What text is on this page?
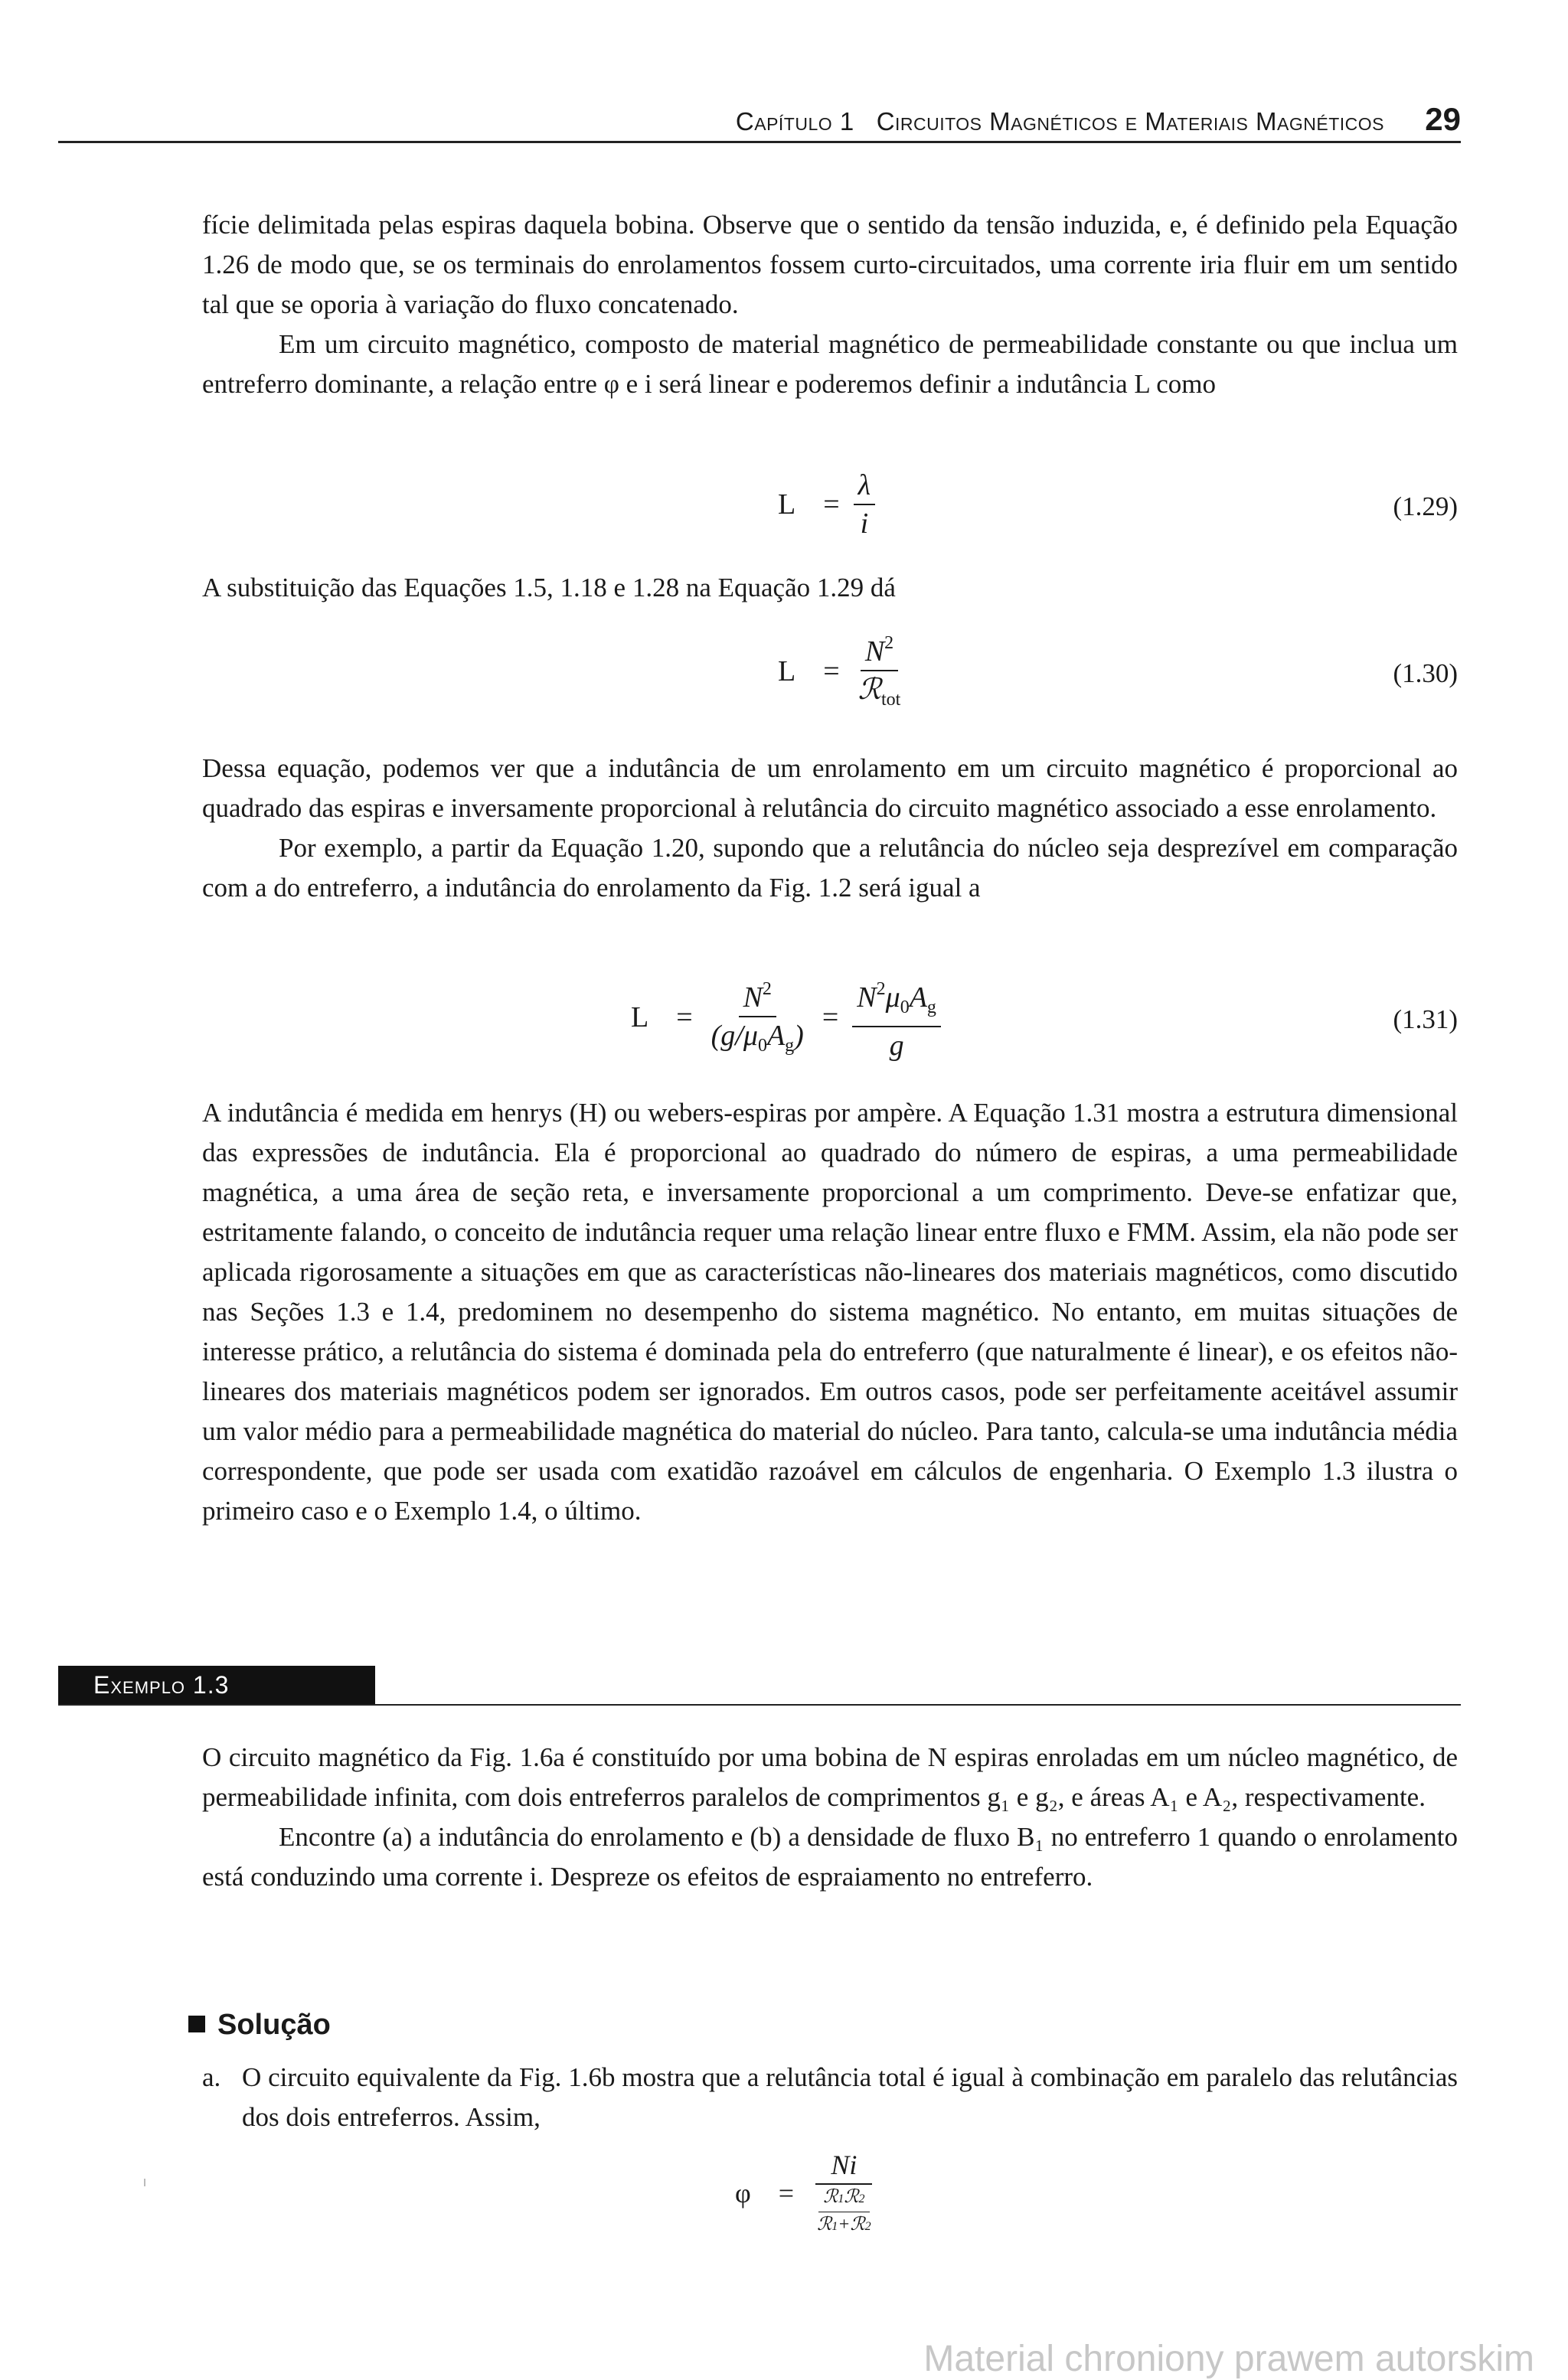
Capítulo 1 Circuitos Magnéticos e Materiais Magnéticos 29

fície delimitada pelas espiras daquela bobina. Observe que o sentido da tensão induzida, e, é definido pela Equação 1.26 de modo que, se os terminais do enrolamentos fossem curto-circuitados, uma corrente iria fluir em um sentido tal que se oporia à variação do fluxo concatenado.

Em um circuito magnético, composto de material magnético de permeabilidade constante ou que inclua um entreferro dominante, a relação entre φ e i será linear e poderemos definir a indutância L como

$L = \frac{\lambda}{i}$	(1.29)

A substituição das Equações 1.5, 1.18 e 1.28 na Equação 1.29 dá

$L = \frac{N^2}{ℛ_{tot}}$	(1.30)

Dessa equação, podemos ver que a indutância de um enrolamento em um circuito magnético é proporcional ao quadrado das espiras e inversamente proporcional à relutância do circuito magnético associado a esse enrolamento.

Por exemplo, a partir da Equação 1.20, supondo que a relutância do núcleo seja desprezível em comparação com a do entreferro, a indutância do enrolamento da Fig. 1.2 será igual a

$L = \frac{N^2}{(g/\mu_0A_g)} = \frac{N^2\mu_0A_g}{g}$	(1.31)

A indutância é medida em henrys (H) ou webers-espiras por ampère. A Equação 1.31 mostra a estrutura dimensional das expressões de indutância. Ela é proporcional ao quadrado do número de espiras, a uma permeabilidade magnética, a uma área de seção reta, e inversamente proporcional a um comprimento. Deve-se enfatizar que, estritamente falando, o conceito de indutância requer uma relação linear entre fluxo e FMM. Assim, ela não pode ser aplicada rigorosamente a situações em que as características não-lineares dos materiais magnéticos, como discutido nas Seções 1.3 e 1.4, predominem no desempenho do sistema magnético. No entanto, em muitas situações de interesse prático, a relutância do sistema é dominada pela do entreferro (que naturalmente é linear), e os efeitos não-lineares dos materiais magnéticos podem ser ignorados. Em outros casos, pode ser perfeitamente aceitável assumir um valor médio para a permeabilidade magnética do material do núcleo. Para tanto, calcula-se uma indutância média correspondente, que pode ser usada com exatidão razoável em cálculos de engenharia. O Exemplo 1.3 ilustra o primeiro caso e o Exemplo 1.4, o último.

Exemplo 1.3

O circuito magnético da Fig. 1.6a é constituído por uma bobina de N espiras enroladas em um núcleo magnético, de permeabilidade infinita, com dois entreferros paralelos de comprimentos g₁ e g₂, e áreas A₁ e A₂, respectivamente.

Encontre (a) a indutância do enrolamento e (b) a densidade de fluxo B₁ no entreferro 1 quando o enrolamento está conduzindo uma corrente i. Despreze os efeitos de espraiamento no entreferro.

Solução
a. O circuito equivalente da Fig. 1.6b mostra que a relutância total é igual à combinação em paralelo das relutâncias dos dois entreferros. Assim,
$\varphi = \frac{Ni}{\frac{\text{ℛ1ℛ2}}{\text{ℛ1+ℛ2}}}$
Material chroniony prawem autorskim
